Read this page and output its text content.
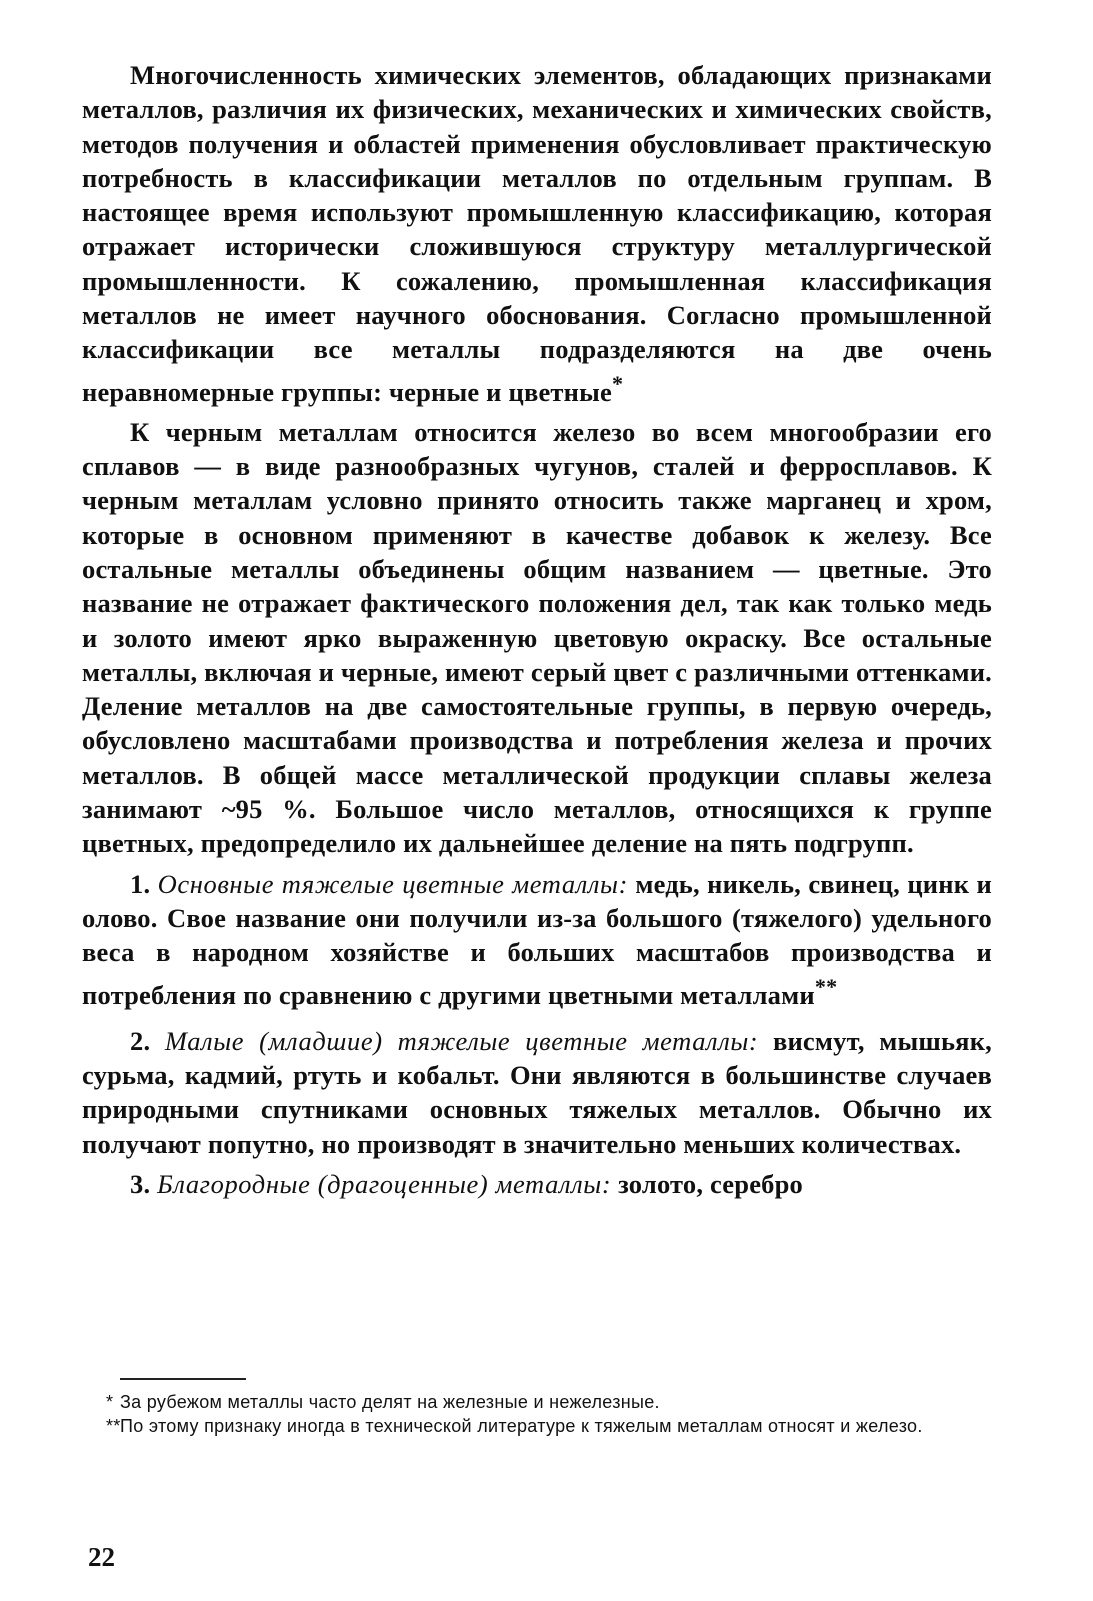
Многочисленность химических элементов, обладающих признаками металлов, различия их физических, механических и химических свойств, методов получения и областей применения обусловливает практическую потребность в классификации металлов по отдельным группам. В настоящее время используют промышленную классификацию, которая отражает исторически сложившуюся структуру металлургической промышленности. К сожалению, промышленная классификация металлов не имеет научного обоснования. Согласно промышленной классификации все металлы подразделяются на две очень неравномерные группы: черные и цветные*

К черным металлам относится железо во всем многообразии его сплавов — в виде разнообразных чугунов, сталей и ферросплавов. К черным металлам условно принято относить также марганец и хром, которые в основном применяют в качестве добавок к железу. Все остальные металлы объединены общим названием — цветные. Это название не отражает фактического положения дел, так как только медь и золото имеют ярко выраженную цветовую окраску. Все остальные металлы, включая и черные, имеют серый цвет с различными оттенками. Деление металлов на две самостоятельные группы, в первую очередь, обусловлено масштабами производства и потребления железа и прочих металлов. В общей массе металлической продукции сплавы железа занимают ~95 %. Большое число металлов, относящихся к группе цветных, предопределило их дальнейшее деление на пять подгрупп.

1. Основные тяжелые цветные металлы: медь, никель, свинец, цинк и олово. Свое название они получили из-за большого (тяжелого) удельного веса в народном хозяйстве и больших масштабов производства и потребления по сравнению с другими цветными металлами**

2. Малые (младшие) тяжелые цветные металлы: висмут, мышьяк, сурьма, кадмий, ртуть и кобальт. Они являются в большинстве случаев природными спутниками основных тяжелых металлов. Обычно их получают попутно, но производят в значительно меньших количествах.

3. Благородные (драгоценные) металлы: золото, серебро

* За рубежом металлы часто делят на железные и нежелезные.

**По этому признаку иногда в технической литературе к тяжелым металлам относят и железо.

22
